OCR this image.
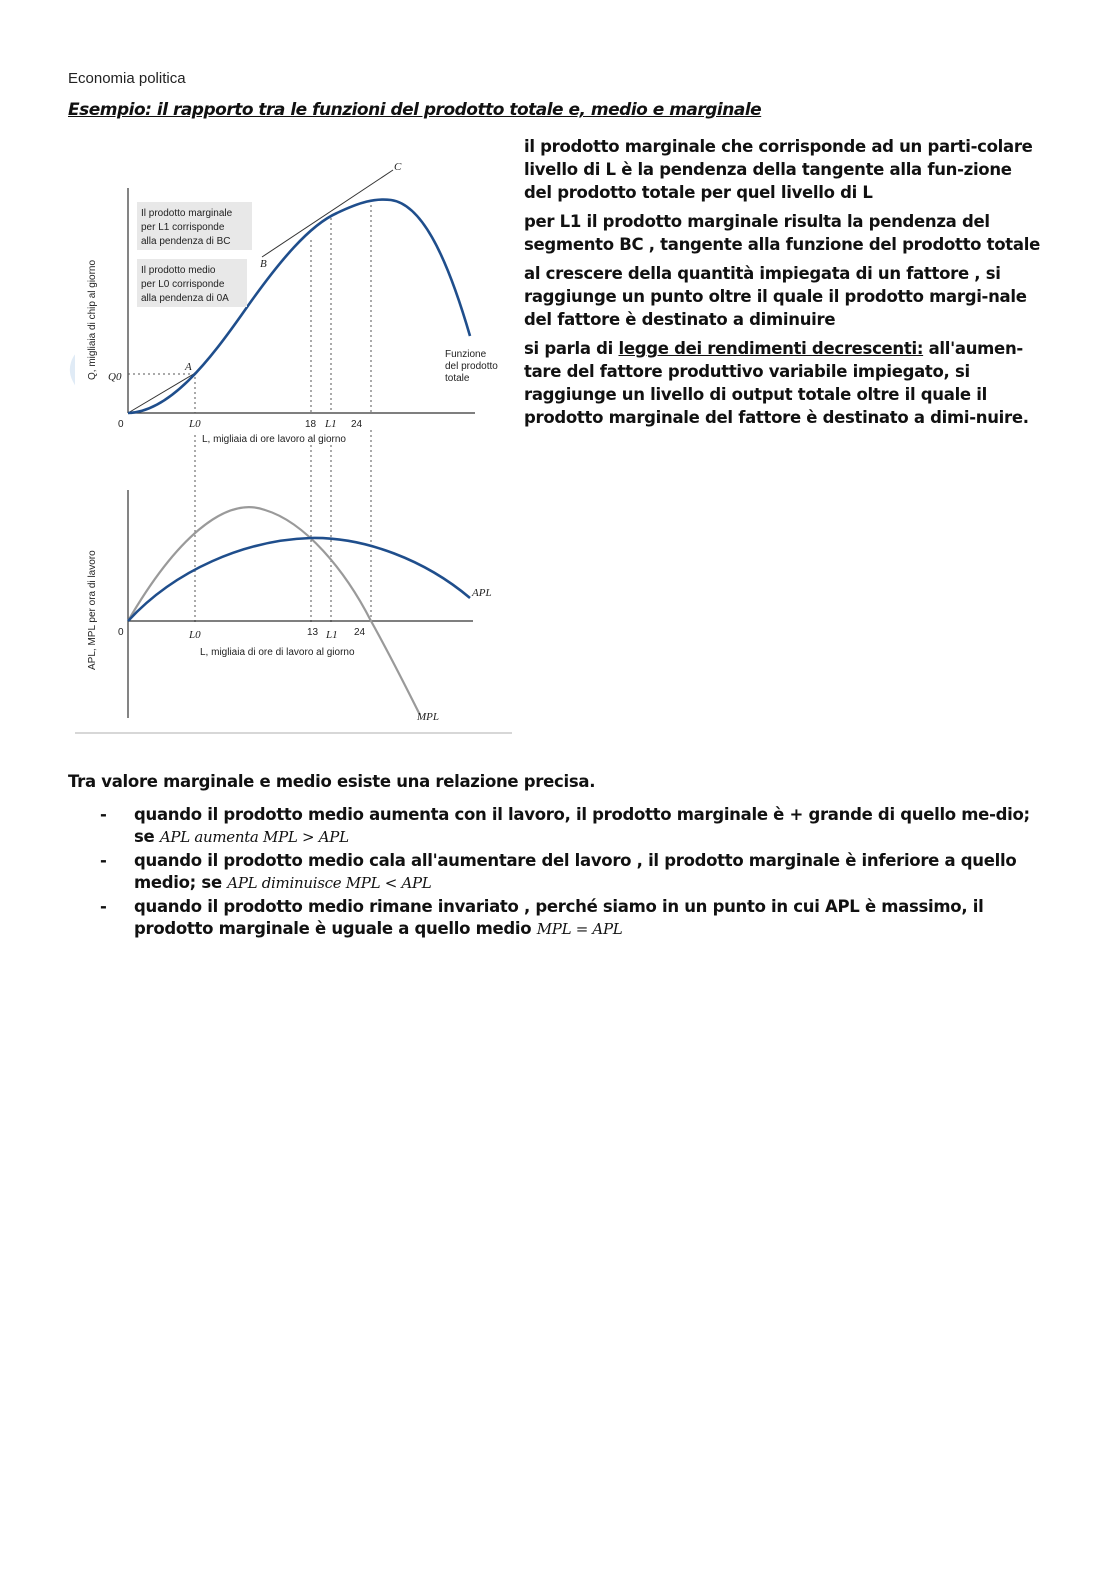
Economia politica
Esempio: il rapporto tra le funzioni del prodotto totale e, medio e marginale
Il prodotto marginale
per L1 corrisponde
alla pendenza di BC
Il prodotto medio
per L0 corrisponde
alla pendenza di 0A
A
B
C
Q0
0	L0	18 L1 24
L, migliaia di ore lavoro al giorno
Q, migliaia di chip al giorno	Funzione
del prodotto
totale
0	L0	13 L1 24
L, migliaia di ore di lavoro al giorno
APL, MPL per ora di lavoro	APL
MPL

il prodotto marginale che corrisponde ad un parti-colare livello di L è la pendenza della tangente alla fun-zione del prodotto totale per quel livello di L

per L1 il prodotto marginale risulta la pendenza del segmento BC , tangente alla funzione del prodotto totale

al crescere della quantità impiegata di un fattore , si raggiunge un punto oltre il quale il prodotto margi-nale del fattore è destinato a diminuire

si parla di legge dei rendimenti decrescenti: all'aumen-tare del fattore produttivo variabile impiegato, si raggiunge un livello di output totale oltre il quale il prodotto marginale del fattore è destinato a dimi-nuire.

Tra valore marginale e medio esiste una relazione precisa.
- quando il prodotto medio aumenta con il lavoro, il prodotto marginale è + grande di quello me-dio; se APL aumenta MPL > APL
- quando il prodotto medio cala all'aumentare del lavoro , il prodotto marginale è inferiore a quello medio; se APL diminuisce MPL < APL
- quando il prodotto medio rimane invariato , perché siamo in un punto in cui APL è massimo, il prodotto marginale è uguale a quello medio MPL = APL
